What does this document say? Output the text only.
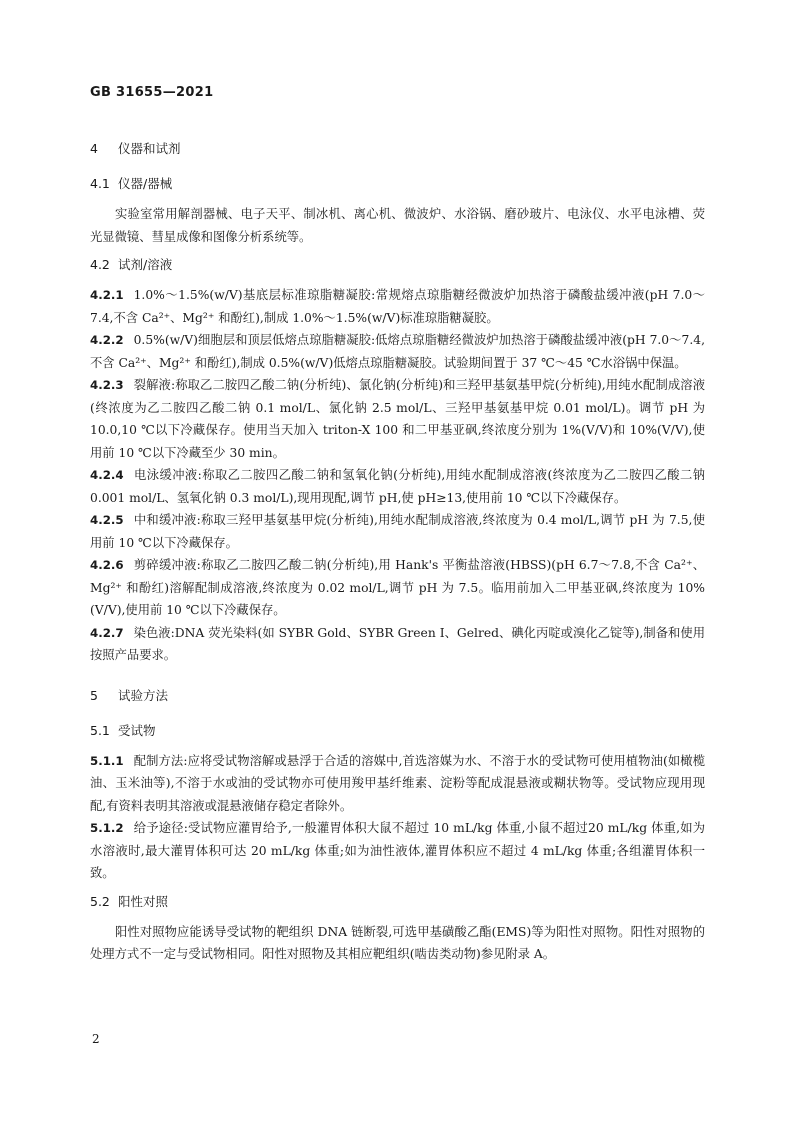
GB 31655—2021

4 仪器和试剂

4.1 仪器/器械

实验室常用解剖器械、电子天平、制冰机、离心机、微波炉、水浴锅、磨砂玻片、电泳仪、水平电泳槽、荧光显微镜、彗星成像和图像分析系统等。

4.2 试剂/溶液

4.2.1 1.0%～1.5%(w/V)基底层标准琼脂糖凝胶:常规熔点琼脂糖经微波炉加热溶于磷酸盐缓冲液(pH 7.0～7.4,不含 Ca²⁺、Mg²⁺ 和酚红),制成 1.0%～1.5%(w/V)标准琼脂糖凝胶。

4.2.2 0.5%(w/V)细胞层和顶层低熔点琼脂糖凝胶:低熔点琼脂糖经微波炉加热溶于磷酸盐缓冲液(pH 7.0～7.4,不含 Ca²⁺、Mg²⁺ 和酚红),制成 0.5%(w/V)低熔点琼脂糖凝胶。试验期间置于 37 ℃～45 ℃水浴锅中保温。

4.2.3 裂解液:称取乙二胺四乙酸二钠(分析纯)、氯化钠(分析纯)和三羟甲基氨基甲烷(分析纯),用纯水配制成溶液(终浓度为乙二胺四乙酸二钠 0.1 mol/L、氯化钠 2.5 mol/L、三羟甲基氨基甲烷 0.01 mol/L)。调节 pH 为 10.0,10 ℃以下冷藏保存。使用当天加入 triton-X 100 和二甲基亚砜,终浓度分别为 1%(V/V)和 10%(V/V),使用前 10 ℃以下冷藏至少 30 min。

4.2.4 电泳缓冲液:称取乙二胺四乙酸二钠和氢氧化钠(分析纯),用纯水配制成溶液(终浓度为乙二胺四乙酸二钠 0.001 mol/L、氢氧化钠 0.3 mol/L),现用现配,调节 pH,使 pH≥13,使用前 10 ℃以下冷藏保存。

4.2.5 中和缓冲液:称取三羟甲基氨基甲烷(分析纯),用纯水配制成溶液,终浓度为 0.4 mol/L,调节 pH 为 7.5,使用前 10 ℃以下冷藏保存。

4.2.6 剪碎缓冲液:称取乙二胺四乙酸二钠(分析纯),用 Hank's 平衡盐溶液(HBSS)(pH 6.7～7.8,不含 Ca²⁺、Mg²⁺ 和酚红)溶解配制成溶液,终浓度为 0.02 mol/L,调节 pH 为 7.5。临用前加入二甲基亚砜,终浓度为 10%(V/V),使用前 10 ℃以下冷藏保存。

4.2.7 染色液:DNA 荧光染料(如 SYBR Gold、SYBR Green I、Gelred、碘化丙啶或溴化乙锭等),制备和使用按照产品要求。

5 试验方法

5.1 受试物

5.1.1 配制方法:应将受试物溶解或悬浮于合适的溶媒中,首选溶媒为水、不溶于水的受试物可使用植物油(如橄榄油、玉米油等),不溶于水或油的受试物亦可使用羧甲基纤维素、淀粉等配成混悬液或糊状物等。受试物应现用现配,有资料表明其溶液或混悬液储存稳定者除外。

5.1.2 给予途径:受试物应灌胃给予,一般灌胃体积大鼠不超过 10 mL/kg 体重,小鼠不超过20 mL/kg 体重,如为水溶液时,最大灌胃体积可达 20 mL/kg 体重;如为油性液体,灌胃体积应不超过 4 mL/kg 体重;各组灌胃体积一致。

5.2 阳性对照

阳性对照物应能诱导受试物的靶组织 DNA 链断裂,可选甲基磺酸乙酯(EMS)等为阳性对照物。阳性对照物的处理方式不一定与受试物相同。阳性对照物及其相应靶组织(啮齿类动物)参见附录 A。

2
